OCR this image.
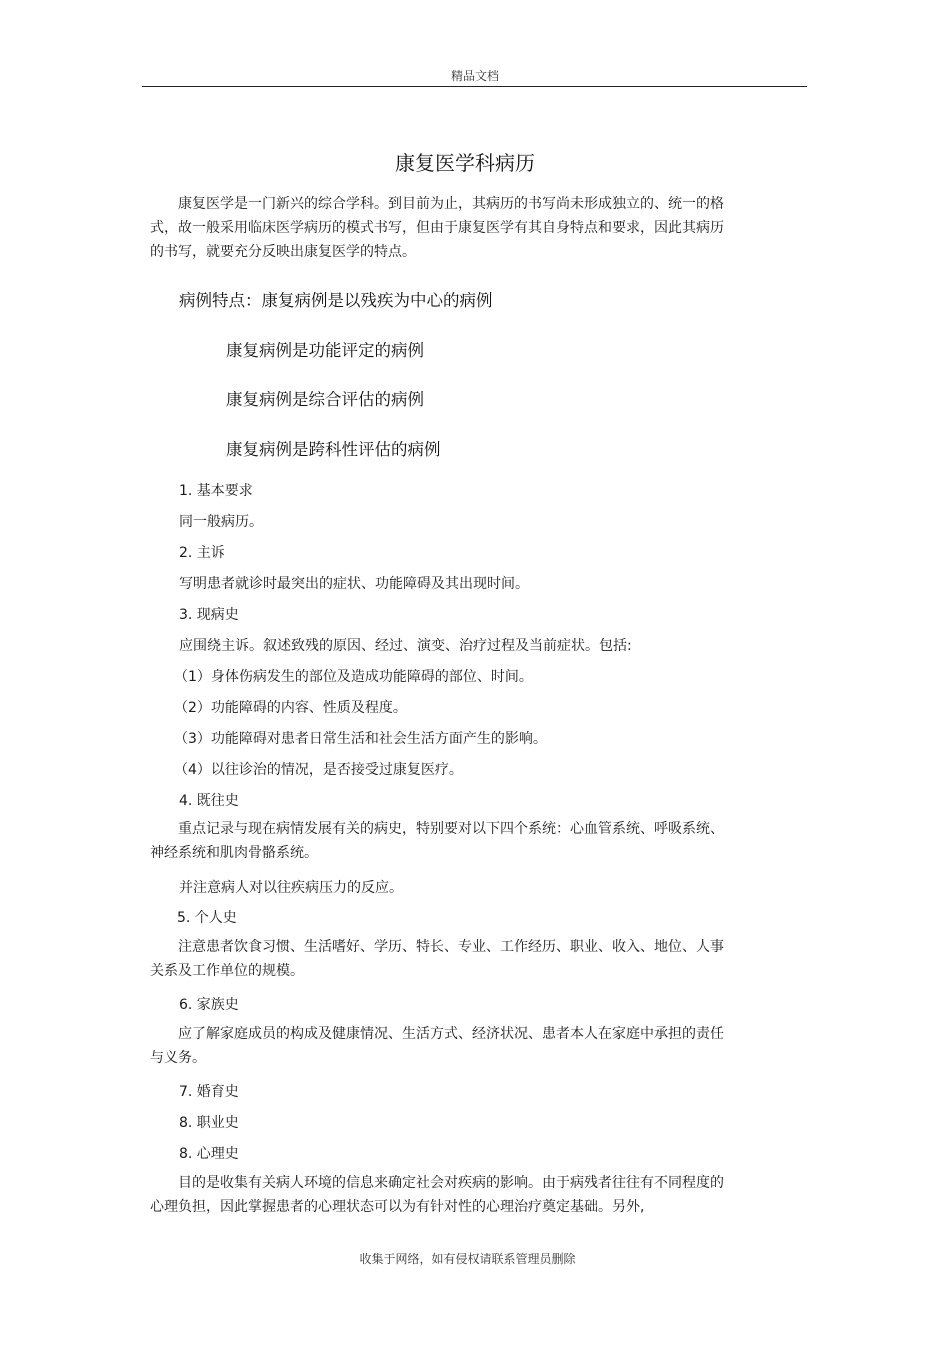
精品文档
康复医学科病历
康复医学是一门新兴的综合学科。到目前为止，其病历的书写尚未形成独立的、统一的格式，故一般采用临床医学病历的模式书写，但由于康复医学有其自身特点和要求，因此其病历的书写，就要充分反映出康复医学的特点。
病例特点：康复病例是以残疾为中心的病例
康复病例是功能评定的病例
康复病例是综合评估的病例
康复病例是跨科性评估的病例
1. 基本要求
同一般病历。
2. 主诉
写明患者就诊时最突出的症状、功能障碍及其出现时间。
3. 现病史
应围绕主诉。叙述致残的原因、经过、演变、治疗过程及当前症状。包括:
（1）身体伤病发生的部位及造成功能障碍的部位、时间。
（2）功能障碍的内容、性质及程度。
（3）功能障碍对患者日常生活和社会生活方面产生的影响。
（4）以往诊治的情况，是否接受过康复医疗。
4. 既往史
重点记录与现在病情发展有关的病史，特别要对以下四个系统：心血管系统、呼吸系统、神经系统和肌肉骨骼系统。
并注意病人对以往疾病压力的反应。
5. 个人史
注意患者饮食习惯、生活嗜好、学历、特长、专业、工作经历、职业、收入、地位、人事关系及工作单位的规模。
6. 家族史
应了解家庭成员的构成及健康情况、生活方式、经济状况、患者本人在家庭中承担的责任与义务。
7. 婚育史
8. 职业史
8. 心理史
目的是收集有关病人环境的信息来确定社会对疾病的影响。由于病残者往往有不同程度的心理负担，因此掌握患者的心理状态可以为有针对性的心理治疗奠定基础。另外,
收集于网络，如有侵权请联系管理员删除
